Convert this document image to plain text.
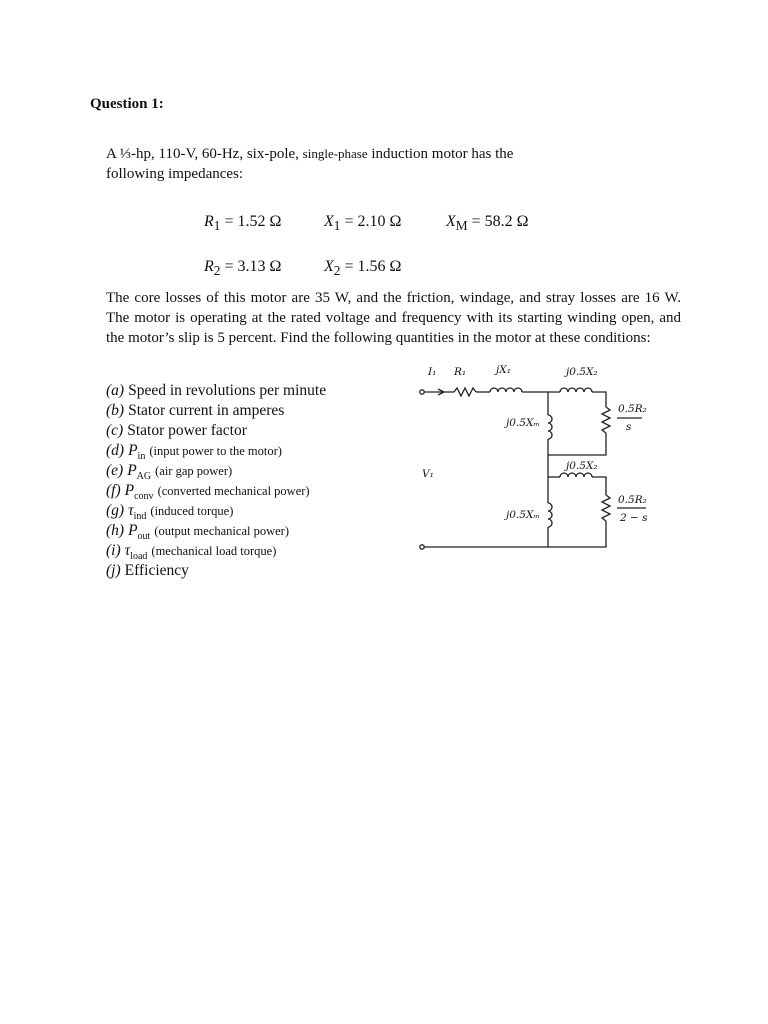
Question 1:
A ⅓-hp, 110-V, 60-Hz, six-pole, single-phase induction motor has the
following impedances:
$R_1 = 1.52$ Ω	$X_1 = 2.10$ Ω	$X_M = 58.2$ Ω
$R_2 = 3.13$ Ω	$X_2 = 1.56$ Ω
The core losses of this motor are 35 W, and the friction, windage, and stray losses are 16 W. The motor is operating at the rated voltage and frequency with its starting winding open, and the motor’s slip is 5 percent. Find the following quantities in the motor at these conditions:
(a) Speed in revolutions per minute
(b) Stator current in amperes
(c) Stator power factor
(d) $P_{in}$ (input power to the motor)
(e) $P_{AG}$ (air gap power)
(f) $P_{conv}$ (converted mechanical power)
(g) $\tau_{ind}$ (induced torque)
(h) $P_{out}$ (output mechanical power)
(i) $\tau_{load}$ (mechanical load torque)
(j) Efficiency
I₁ R₁	jX₁	j0.5X₂
j0.5Xₘ
0.5R₂
s
V₁
j0.5X₂
j0.5Xₘ
0.5R₂
2 − s
